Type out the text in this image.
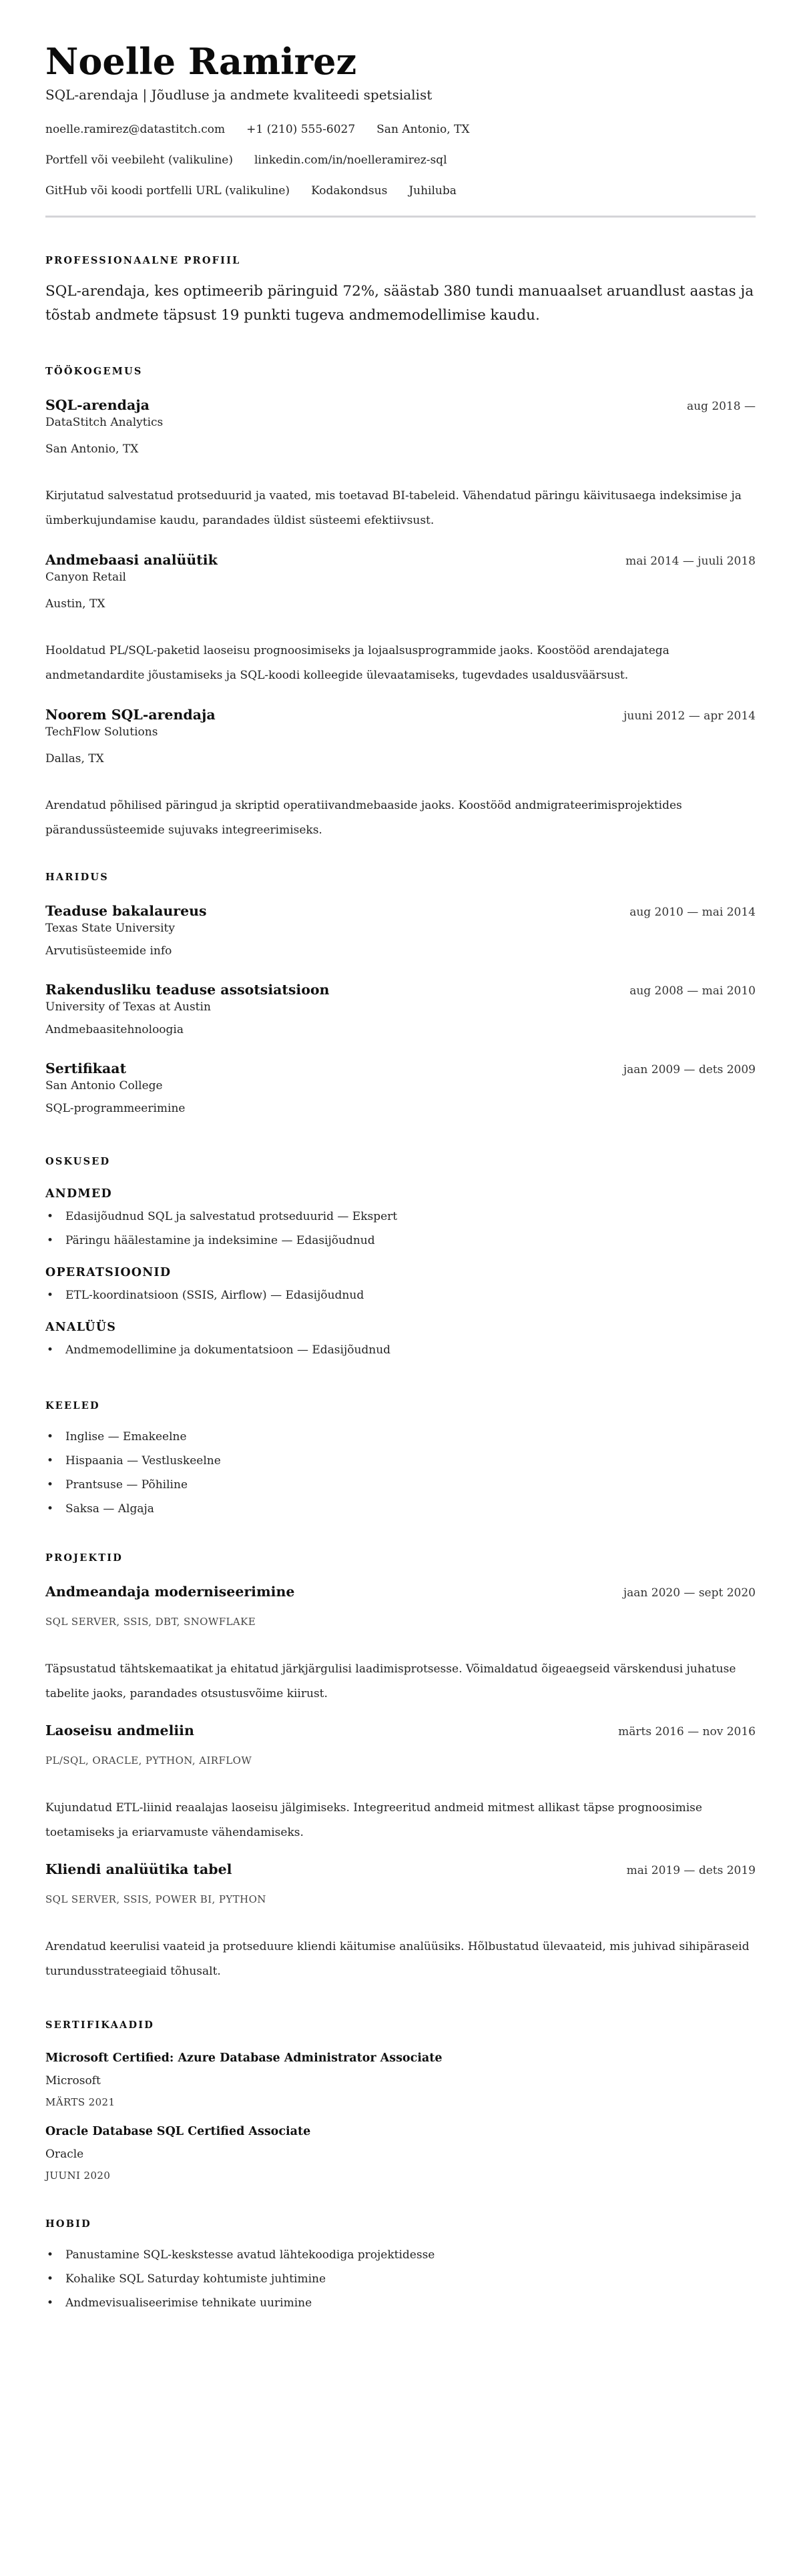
Noelle Ramirez
SQL-arendaja | Jõudluse ja andmete kvaliteedi spetsialist
noelle.ramirez@datastitch.com +1 (210) 555-6027 San Antonio, TX
Portfell või veebileht (valikuline) linkedin.com/in/noelleramirez-sql
GitHub või koodi portfelli URL (valikuline) Kodakondsus Juhiluba
PROFESSIONAALNE PROFIIL

SQL-arendaja, kes optimeerib päringuid 72%, säästab 380 tundi manuaalset aruandlust aastas ja tõstab andmete täpsust 19 punkti tugeva andmemodellimise kaudu.

TÖÖKOGEMUS
SQL-arendaja	aug 2018 —
DataStitch Analytics
San Antonio, TX

Kirjutatud salvestatud protseduurid ja vaated, mis toetavad BI-tabeleid. Vähendatud päringu käivitusaega indeksimise ja ümberkujundamise kaudu, parandades üldist süsteemi efektiivsust.

Andmebaasi analüütik	mai 2014 — juuli 2018
Canyon Retail
Austin, TX

Hooldatud PL/SQL-paketid laoseisu prognoosimiseks ja lojaalsusprogrammide jaoks. Koostööd arendajatega andmetandardite jõustamiseks ja SQL-koodi kolleegide ülevaatamiseks, tugevdades usaldusväärsust.

Noorem SQL-arendaja	juuni 2012 — apr 2014
TechFlow Solutions
Dallas, TX

Arendatud põhilised päringud ja skriptid operatiivandmebaaside jaoks. Koostööd andmigrateerimisprojektides pärandussüsteemide sujuvaks integreerimiseks.

HARIDUS
Teaduse bakalaureus	aug 2010 — mai 2014
Texas State University
Arvutisüsteemide info
Rakendusliku teaduse assotsiatsioon	aug 2008 — mai 2010
University of Texas at Austin
Andmebaasitehnoloogia
Sertifikaat	jaan 2009 — dets 2009
San Antonio College
SQL-programmeerimine
OSKUSED
ANDMED
• Edasijõudnud SQL ja salvestatud protseduurid — Ekspert
• Päringu häälestamine ja indeksimine — Edasijõudnud
OPERATSIOONID
• ETL-koordinatsioon (SSIS, Airflow) — Edasijõudnud
ANALÜÜS
• Andmemodellimine ja dokumentatsioon — Edasijõudnud
KEELED
• Inglise — Emakeelne
• Hispaania — Vestluskeelne
• Prantsuse — Põhiline
• Saksa — Algaja
PROJEKTID
Andmeandaja moderniseerimine	jaan 2020 — sept 2020
SQL SERVER, SSIS, DBT, SNOWFLAKE

Täpsustatud tähtskemaatikat ja ehitatud järkjärgulisi laadimisprotsesse. Võimaldatud õigeaegseid värskendusi juhatuse tabelite jaoks, parandades otsustusvõime kiirust.

Laoseisu andmeliin	märts 2016 — nov 2016
PL/SQL, ORACLE, PYTHON, AIRFLOW

Kujundatud ETL-liinid reaalajas laoseisu jälgimiseks. Integreeritud andmeid mitmest allikast täpse prognoosimise toetamiseks ja eriarvamuste vähendamiseks.

Kliendi analüütika tabel	mai 2019 — dets 2019
SQL SERVER, SSIS, POWER BI, PYTHON

Arendatud keerulisi vaateid ja protseduure kliendi käitumise analüüsiks. Hõlbustatud ülevaateid, mis juhivad sihipäraseid turundusstrateegiaid tõhusalt.

SERTIFIKAADID
Microsoft Certified: Azure Database Administrator Associate
Microsoft
MÄRTS 2021
Oracle Database SQL Certified Associate
Oracle
JUUNI 2020
HOBID
• Panustamine SQL-keskstesse avatud lähtekoodiga projektidesse
• Kohalike SQL Saturday kohtumiste juhtimine
• Andmevisualiseerimise tehnikate uurimine
